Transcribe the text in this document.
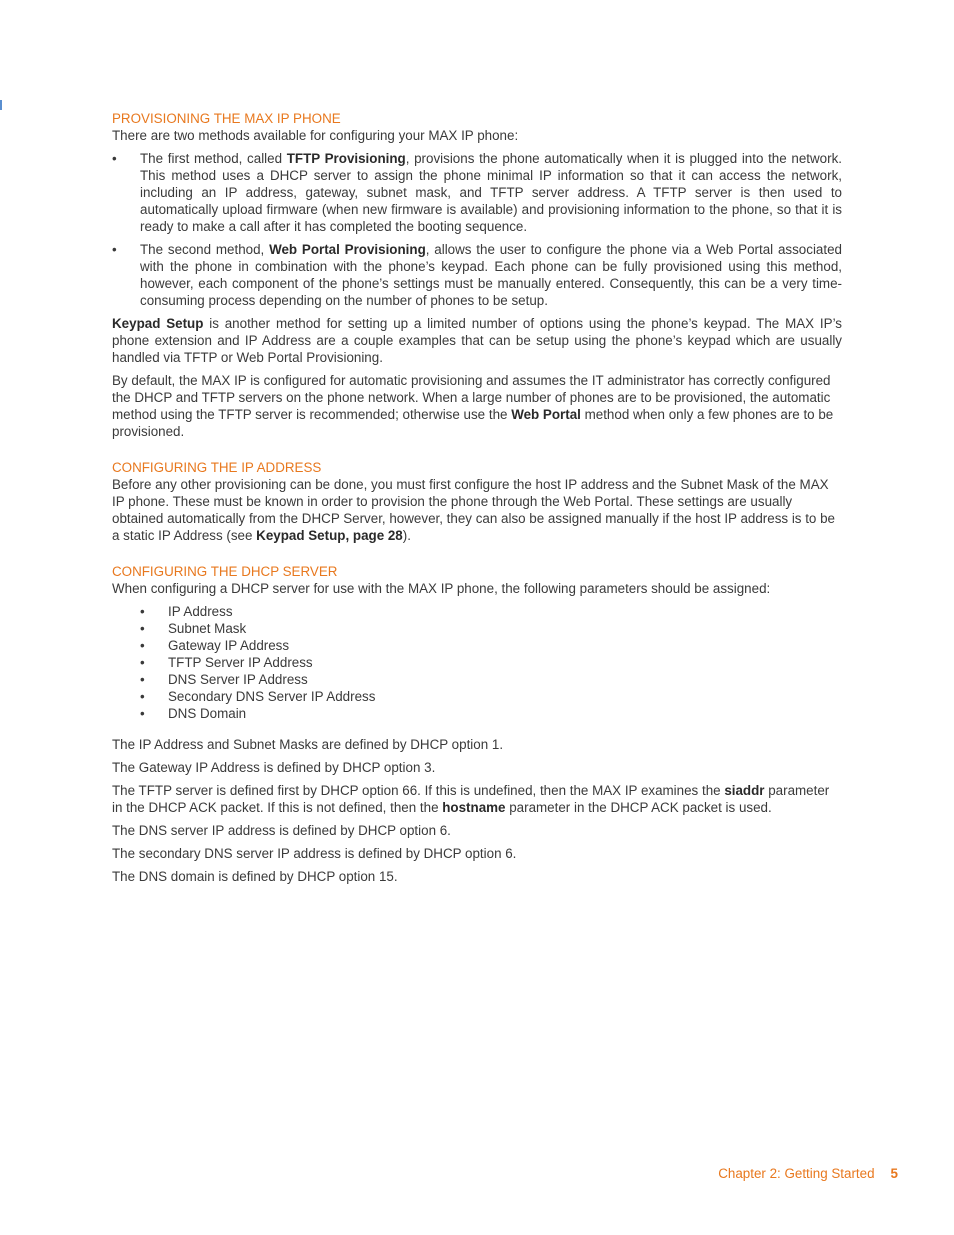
PROVISIONING THE MAX IP PHONE

There are two methods available for configuring your MAX IP phone:

• The first method, called TFTP Provisioning, provisions the phone automatically when it is plugged into the network. This method uses a DHCP server to assign the phone minimal IP information so that it can access the network, including an IP address, gateway, subnet mask, and TFTP server address. A TFTP server is then used to automatically upload firmware (when new firmware is available) and provisioning information to the phone, so that it is ready to make a call after it has completed the booting sequence.
• The second method, Web Portal Provisioning, allows the user to configure the phone via a Web Portal associated with the phone in combination with the phone’s keypad. Each phone can be fully provisioned using this method, however, each component of the phone’s settings must be manually entered. Consequently, this can be a very time-consuming process depending on the number of phones to be setup.

Keypad Setup is another method for setting up a limited number of options using the phone’s keypad. The MAX IP’s phone extension and IP Address are a couple examples that can be setup using the phone’s keypad which are usually handled via TFTP or Web Portal Provisioning.

By default, the MAX IP is configured for automatic provisioning and assumes the IT administrator has correctly configured the DHCP and TFTP servers on the phone network. When a large number of phones are to be provisioned, the automatic method using the TFTP server is recommended; otherwise use the Web Portal method when only a few phones are to be provisioned.

CONFIGURING THE IP ADDRESS

Before any other provisioning can be done, you must first configure the host IP address and the Subnet Mask of the MAX IP phone. These must be known in order to provision the phone through the Web Portal. These settings are usually obtained automatically from the DHCP Server, however, they can also be assigned manually if the host IP address is to be a static IP Address (see Keypad Setup, page 28).

CONFIGURING THE DHCP SERVER

When configuring a DHCP server for use with the MAX IP phone, the following parameters should be assigned:

• IP Address
• Subnet Mask
• Gateway IP Address
• TFTP Server IP Address
• DNS Server IP Address
• Secondary DNS Server IP Address
• DNS Domain

The IP Address and Subnet Masks are defined by DHCP option 1.

The Gateway IP Address is defined by DHCP option 3.

The TFTP server is defined first by DHCP option 66. If this is undefined, then the MAX IP examines the siaddr parameter in the DHCP ACK packet. If this is not defined, then the hostname parameter in the DHCP ACK packet is used.

The DNS server IP address is defined by DHCP option 6.

The secondary DNS server IP address is defined by DHCP option 6.

The DNS domain is defined by DHCP option 15.

Chapter 2: Getting Started 5
